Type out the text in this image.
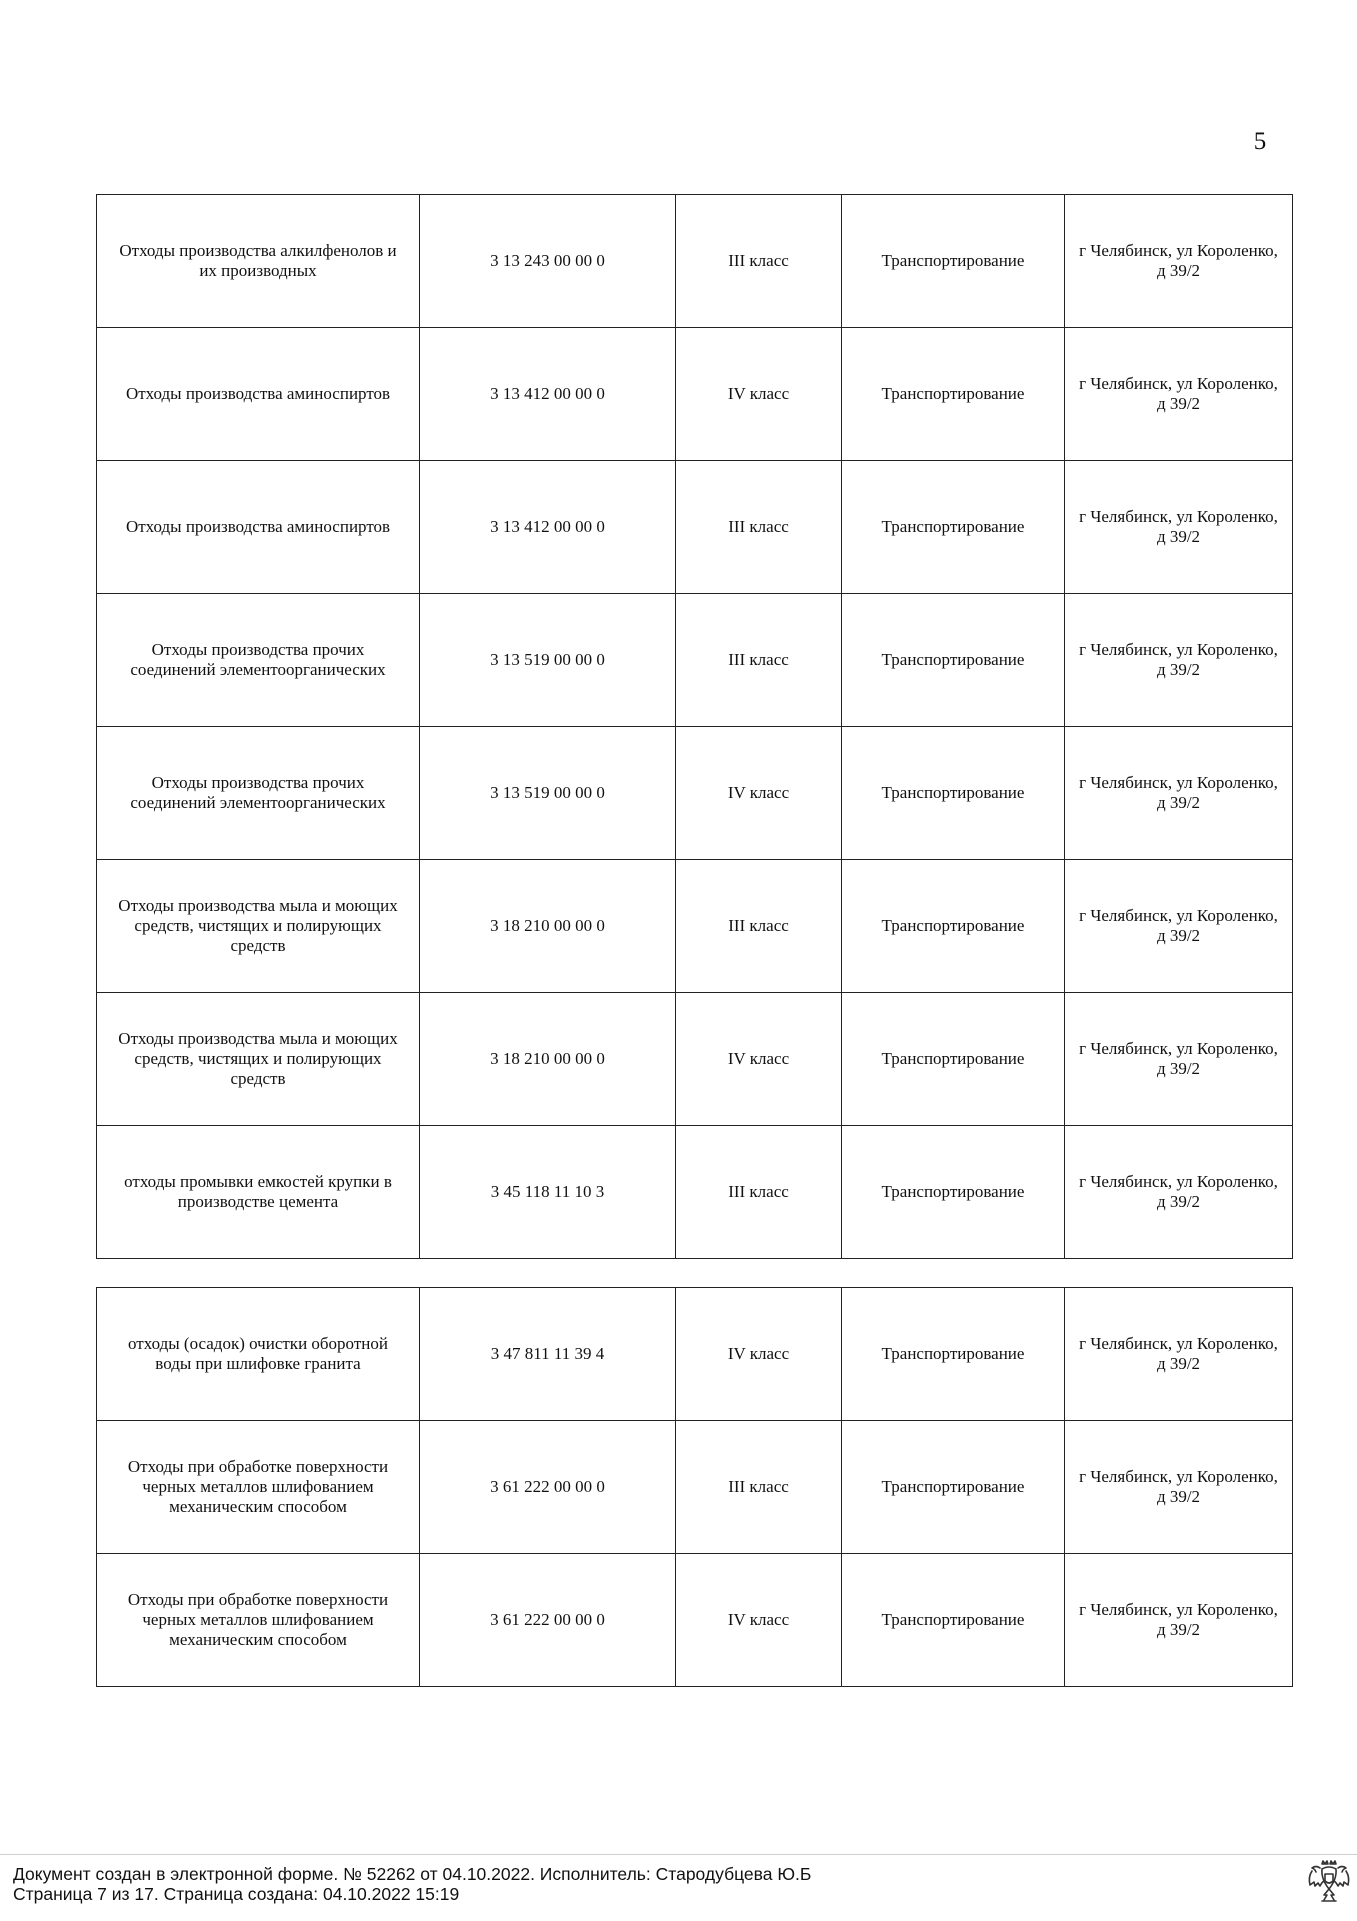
5
Отходы производства алкилфенолов и их производных	3 13 243 00 00 0	III класс	Транспортирование	г Челябинск, ул Короленко, д 39/2
Отходы производства аминоспиртов	3 13 412 00 00 0	IV класс	Транспортирование	г Челябинск, ул Короленко, д 39/2
Отходы производства аминоспиртов	3 13 412 00 00 0	III класс	Транспортирование	г Челябинск, ул Короленко, д 39/2
Отходы производства прочих соединений элементоорганических	3 13 519 00 00 0	III класс	Транспортирование	г Челябинск, ул Короленко, д 39/2
Отходы производства прочих соединений элементоорганических	3 13 519 00 00 0	IV класс	Транспортирование	г Челябинск, ул Короленко, д 39/2
Отходы производства мыла и моющих средств, чистящих и полирующих средств	3 18 210 00 00 0	III класс	Транспортирование	г Челябинск, ул Короленко, д 39/2
Отходы производства мыла и моющих средств, чистящих и полирующих средств	3 18 210 00 00 0	IV класс	Транспортирование	г Челябинск, ул Короленко, д 39/2
отходы промывки емкостей крупки в производстве цемента	3 45 118 11 10 3	III класс	Транспортирование	г Челябинск, ул Короленко, д 39/2
отходы (осадок) очистки оборотной воды при шлифовке гранита	3 47 811 11 39 4	IV класс	Транспортирование	г Челябинск, ул Короленко, д 39/2
Отходы при обработке поверхности черных металлов шлифованием механическим способом	3 61 222 00 00 0	III класс	Транспортирование	г Челябинск, ул Короленко, д 39/2
Отходы при обработке поверхности черных металлов шлифованием механическим способом	3 61 222 00 00 0	IV класс	Транспортирование	г Челябинск, ул Короленко, д 39/2
Документ создан в электронной форме. № 52262 от 04.10.2022. Исполнитель: Стародубцева Ю.Б
Страница 7 из 17. Страница создана: 04.10.2022 15:19
